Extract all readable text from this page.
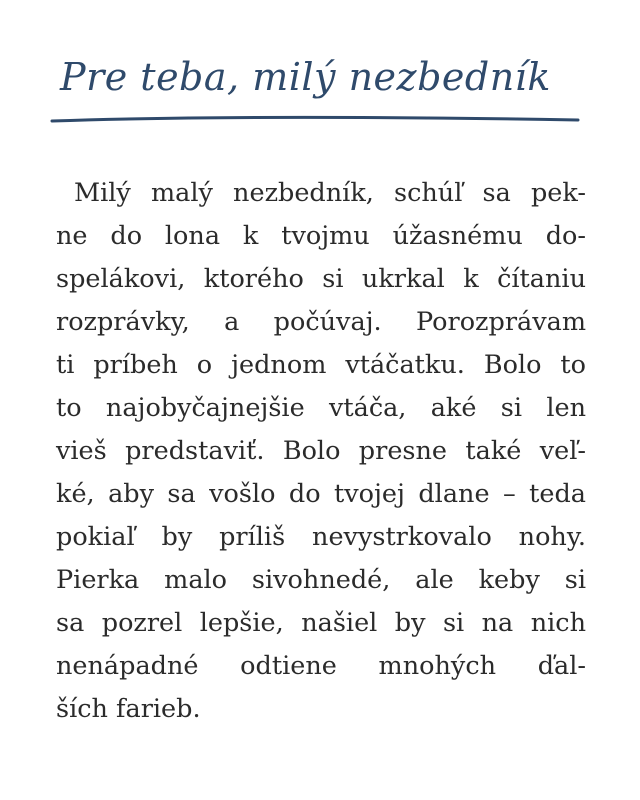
Pre teba, milý nezbedník
Milý malý nezbedník, schúľ sa pek-
ne do lona k tvojmu úžasnému do-
spelákovi, ktorého si ukrkal k čítaniu
rozprávky, a počúvaj. Porozprávam
ti príbeh o jednom vtáčatku. Bolo to
to najobyčajnejšie vtáča, aké si len
vieš predstaviť. Bolo presne také veľ-
ké, aby sa vošlo do tvojej dlane – teda
pokiaľ by príliš nevystrkovalo nohy.
Pierka malo sivohnedé, ale keby si
sa pozrel lepšie, našiel by si na nich
nenápadné odtiene mnohých ďal-
ších farieb.
